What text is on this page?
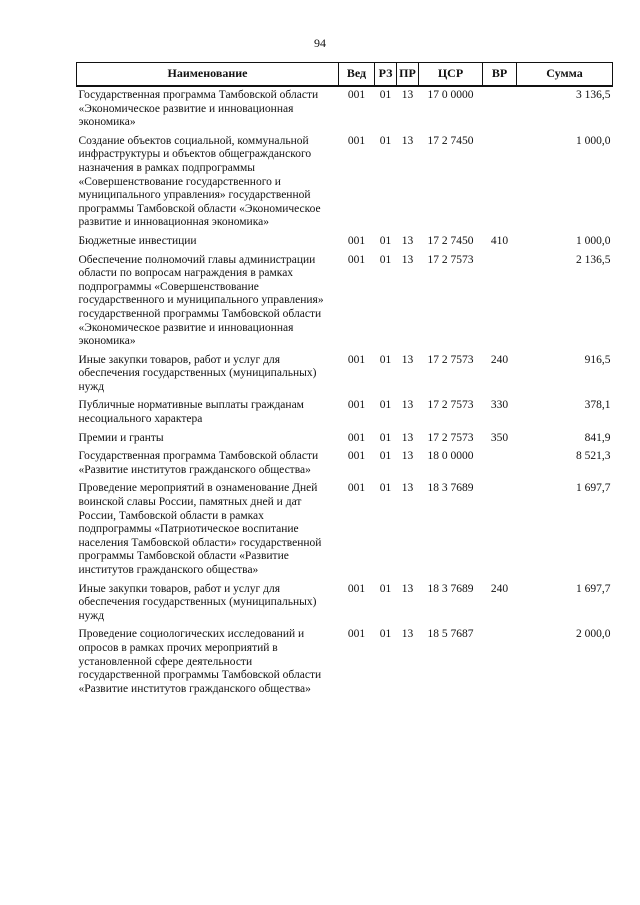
94
Наименование	Вед	РЗ	ПР	ЦСР	ВР	Сумма
Государственная программа Тамбовской области «Экономическое развитие и инновационная экономика»	001	01	13	17 0 0000		3 136,5
Создание объектов социальной, коммунальной инфраструктуры и объектов общегражданского назначения в рамках подпрограммы «Совершенствование государственного и муниципального управления» государственной программы Тамбовской области «Экономическое развитие и инновационная экономика»	001	01	13	17 2 7450		1 000,0
Бюджетные инвестиции	001	01	13	17 2 7450	410	1 000,0
Обеспечение полномочий главы администрации области по вопросам награждения в рамках подпрограммы «Совершенствование государственного и муниципального управления» государственной программы Тамбовской области «Экономическое развитие и инновационная экономика»	001	01	13	17 2 7573		2 136,5
Иные закупки товаров, работ и услуг для обеспечения государственных (муниципальных) нужд	001	01	13	17 2 7573	240	916,5
Публичные нормативные выплаты гражданам несоциального характера	001	01	13	17 2 7573	330	378,1
Премии и гранты	001	01	13	17 2 7573	350	841,9
Государственная программа Тамбовской области «Развитие институтов гражданского общества»	001	01	13	18 0 0000		8 521,3
Проведение мероприятий в ознаменование Дней воинской славы России, памятных дней и дат России, Тамбовской области в рамках подпрограммы «Патриотическое воспитание населения Тамбовской области» государственной программы Тамбовской области «Развитие институтов гражданского общества»	001	01	13	18 3 7689		1 697,7
Иные закупки товаров, работ и услуг для обеспечения государственных (муниципальных) нужд	001	01	13	18 3 7689	240	1 697,7
Проведение социологических исследований и опросов в рамках прочих мероприятий в установленной сфере деятельности государственной программы Тамбовской области «Развитие институтов гражданского общества»	001	01	13	18 5 7687		2 000,0
